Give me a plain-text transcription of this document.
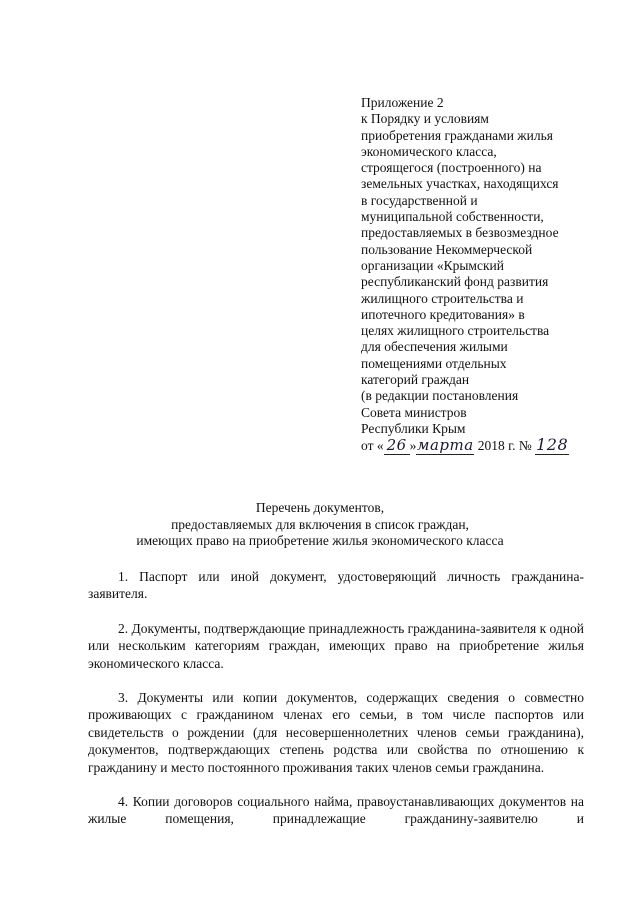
Приложение 2
к Порядку и условиям
приобретения гражданами жилья
экономического класса,
строящегося (построенного) на
земельных участках, находящихся
в государственной и
муниципальной собственности,
предоставляемых в безвозмездное
пользование Некоммерческой
организации «Крымский
республиканский фонд развития
жилищного строительства и
ипотечного кредитования» в
целях жилищного строительства
для обеспечения жилыми
помещениями отдельных
категорий граждан
(в редакции постановления
Совета министров
Республики Крым
от « 26 »марта 2018 г. № 128
Перечень документов,
предоставляемых для включения в список граждан,
имеющих право на приобретение жилья экономического класса

1. Паспорт или иной документ, удостоверяющий личность гражданина-заявителя.

2. Документы, подтверждающие принадлежность гражданина-заявителя к одной или нескольким категориям граждан, имеющих право на приобретение жилья экономического класса.

3. Документы или копии документов, содержащих сведения о совместно проживающих с гражданином членах его семьи, в том числе паспортов или свидетельств о рождении (для несовершеннолетних членов семьи гражданина), документов, подтверждающих степень родства или свойства по отношению к гражданину и место постоянного проживания таких членов семьи гражданина.

4. Копии договоров социального найма, правоустанавливающих документов на жилые помещения, принадлежащие гражданину-заявителю и
